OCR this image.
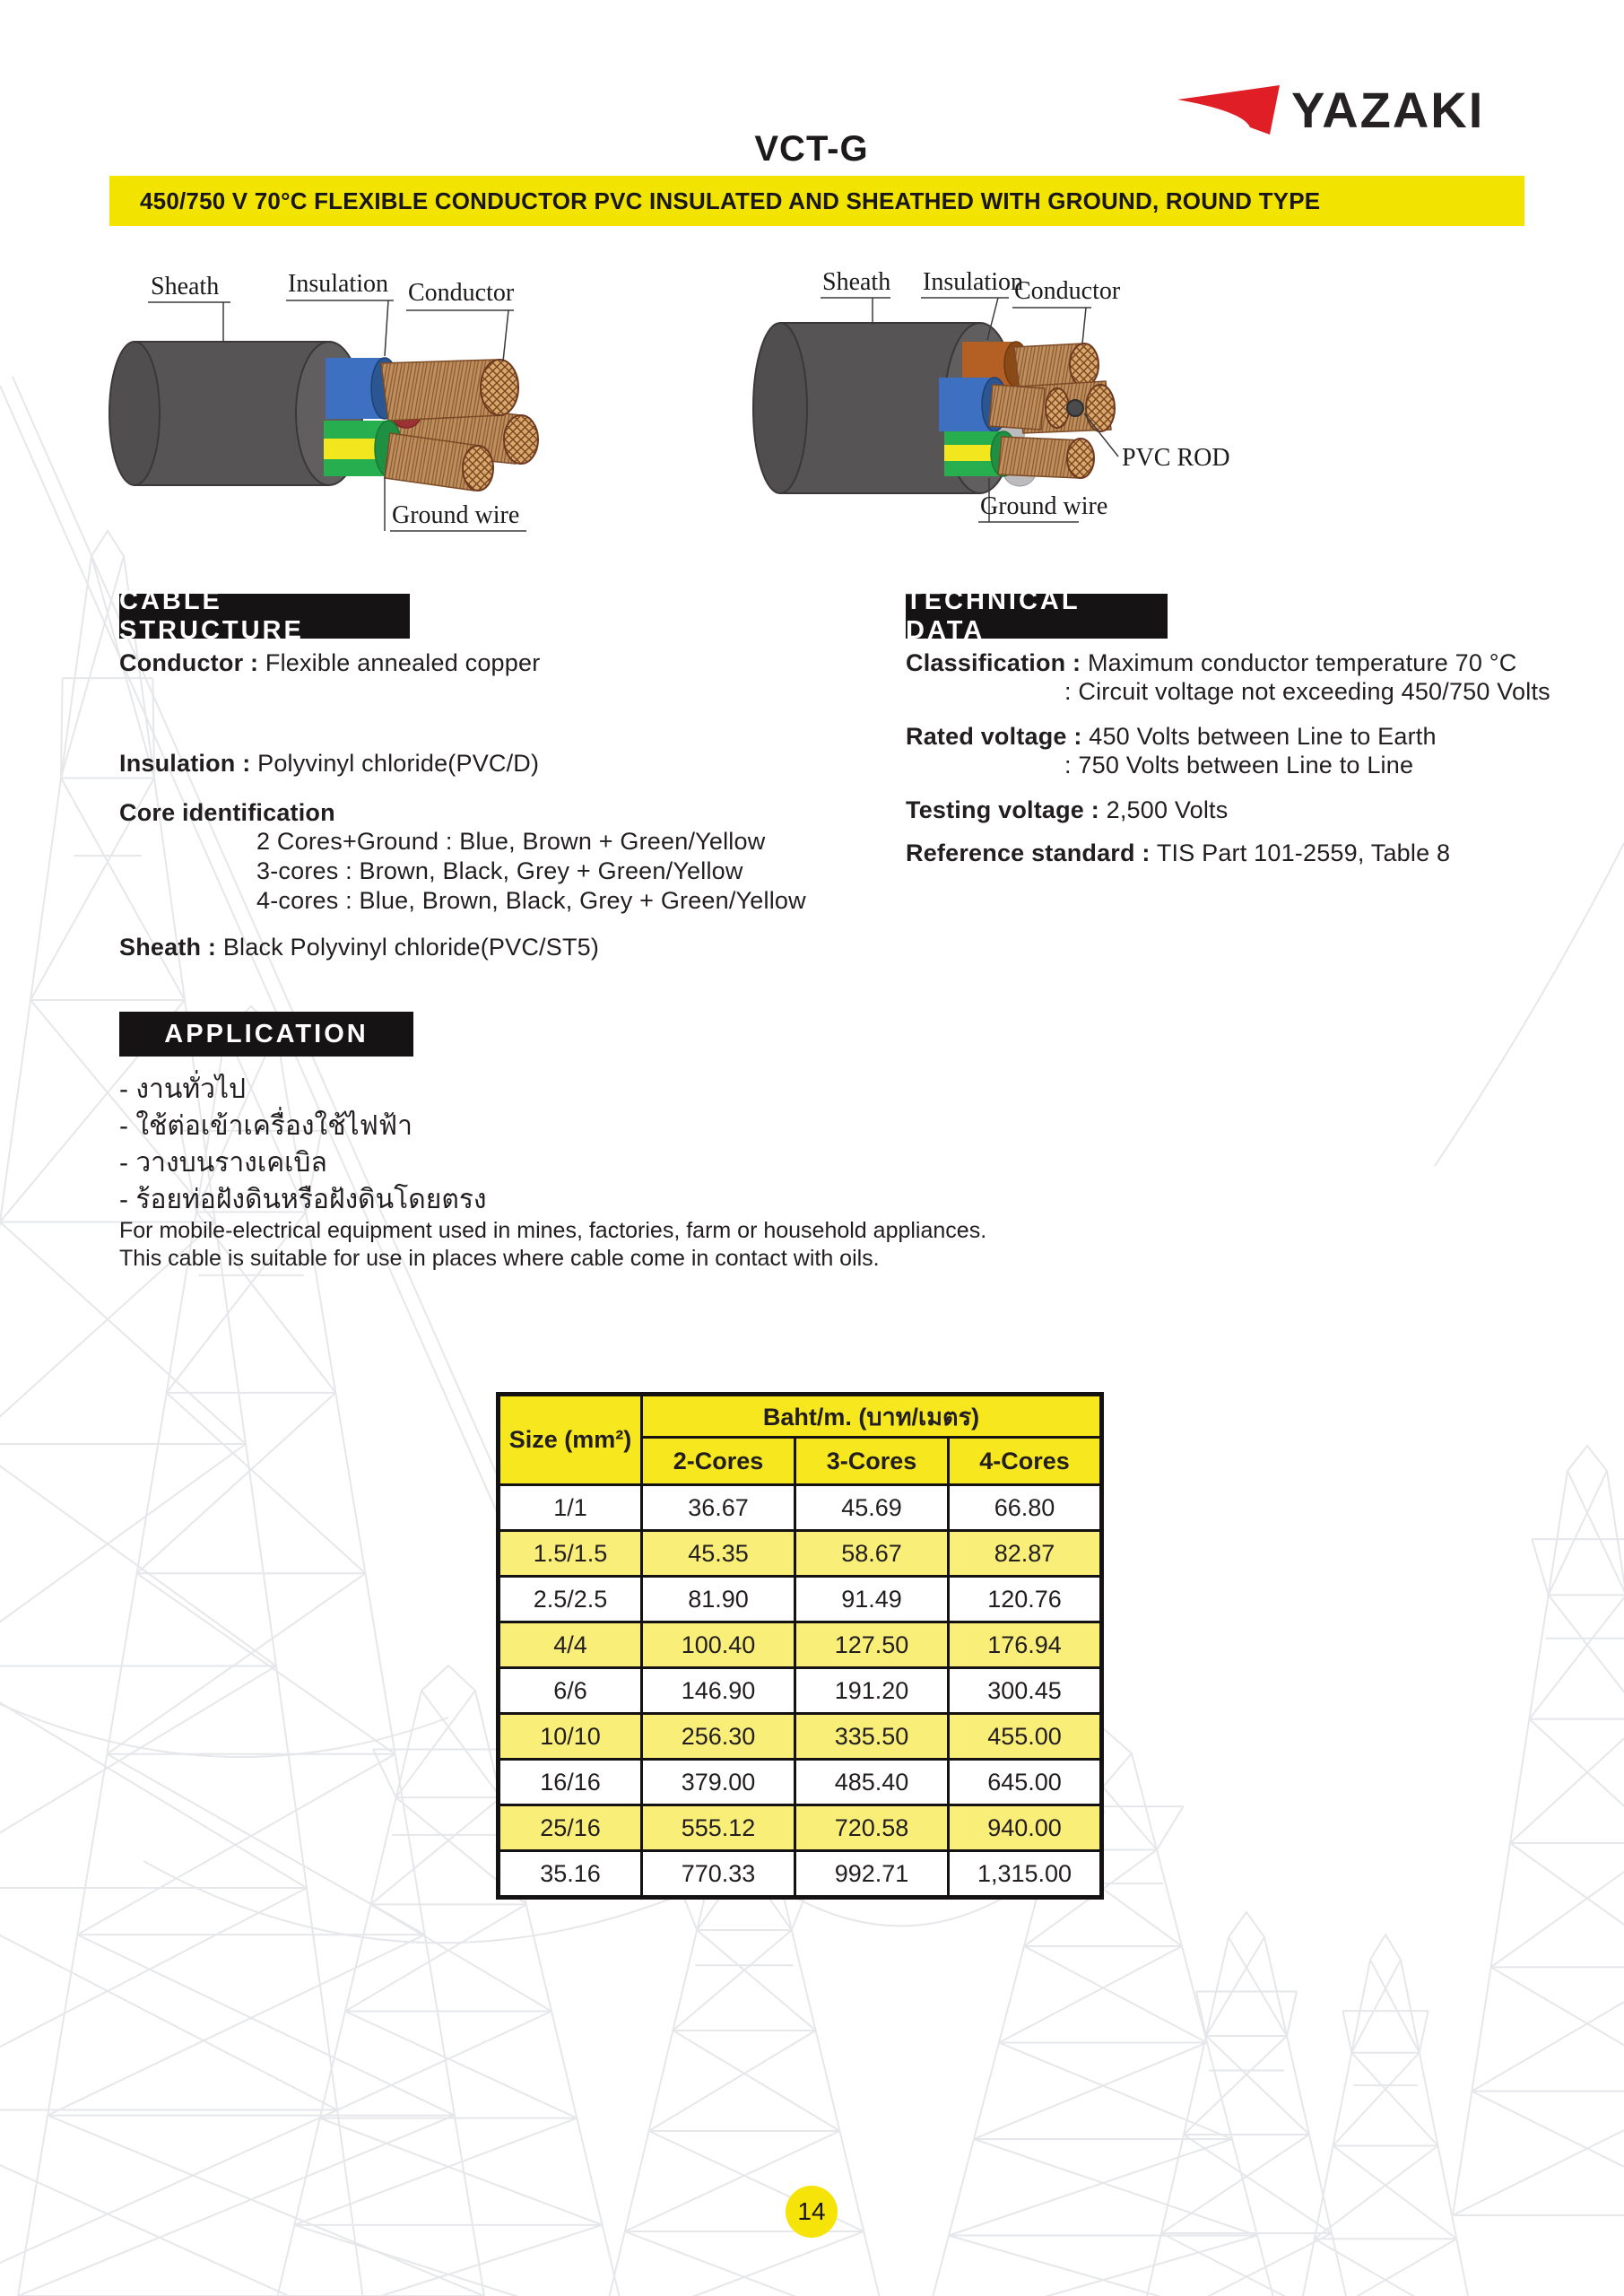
YAZAKI
VCT-G
450/750 V 70°C FLEXIBLE CONDUCTOR PVC INSULATED AND SHEATHED WITH GROUND, ROUND TYPE
Sheath	Insulation Conductor
Ground wire
Sheath Insulation
Conductor
PVC ROD
Ground wire
CABLE STRUCTURE
Conductor : Flexible annealed copper
Insulation : Polyvinyl chloride(PVC/D)
Core identification
2 Cores+Ground : Blue, Brown + Green/Yellow
3-cores : Brown, Black, Grey + Green/Yellow
4-cores : Blue, Brown, Black, Grey + Green/Yellow
Sheath : Black Polyvinyl chloride(PVC/ST5)
TECHNICAL DATA
Classification : Maximum conductor temperature 70 °C
: Circuit voltage not exceeding 450/750 Volts
Rated voltage : 450 Volts between Line to Earth
: 750 Volts between Line to Line
Testing voltage : 2,500 Volts
Reference standard : TIS Part 101-2559, Table 8
APPLICATION
- งานทั่วไป
- ใช้ต่อเข้าเครื่องใช้ไฟฟ้า
- วางบนรางเคเบิล
- ร้อยท่อฝังดินหรือฝังดินโดยตรง
For mobile-electrical equipment used in mines, factories, farm or household appliances.
This cable is suitable for use in places where cable come in contact with oils.
Size (mm²)	Baht/m. (บาท/เมตร)		
	2-Cores	3-Cores	4-Cores
1/1	36.67	45.69	66.80
1.5/1.5	45.35	58.67	82.87
2.5/2.5	81.90	91.49	120.76
4/4	100.40	127.50	176.94
6/6	146.90	191.20	300.45
10/10	256.30	335.50	455.00
16/16	379.00	485.40	645.00
25/16	555.12	720.58	940.00
35.16	770.33	992.71	1,315.00
14
